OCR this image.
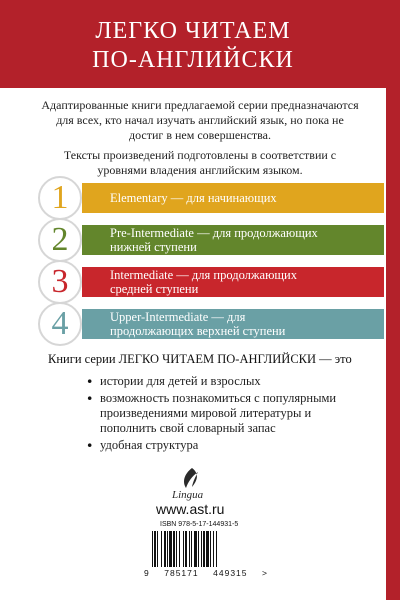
ЛЕГКО ЧИТАЕМ
ПО-АНГЛИЙСКИ
Адаптированные книги предлагаемой серии предназначаются для всех, кто начал изучать английский язык, но пока не достиг в нем совершенства.
Тексты произведений подготовлены в соответствии с уровнями владения английским языком.
Elementary — для начинающих
1
Pre-Intermediate — для продолжающих нижней ступени
2
Intermediate — для продолжающих средней ступени
3
Upper-Intermediate — для продолжающих верхней ступени
4
Книги серии ЛЕГКО ЧИТАЕМ ПО-АНГЛИЙСКИ — это
• истории для детей и взрослых
• возможность познакомиться с популярными произведениями мировой литературы и пополнить свой словарный запас
• удобная структура
Lingua
www.ast.ru
ISBN 978-5-17-144931-5
9 785171 449315 >
